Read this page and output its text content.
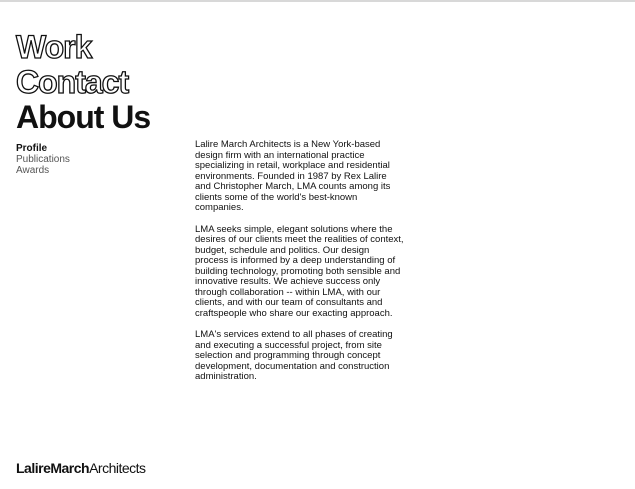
Work
Contact
About Us
Profile
Publications
Awards

Lalire March Architects is a New York-based design firm with an international practice specializing in retail, workplace and residential environments. Founded in 1987 by Rex Lalire and Christopher March, LMA counts among its clients some of the world's best-known companies.

LMA seeks simple, elegant solutions where the desires of our clients meet the realities of context, budget, schedule and politics. Our design process is informed by a deep understanding of building technology, promoting both sensible and innovative results. We achieve success only through collaboration -- within LMA, with our clients, and with our team of consultants and craftspeople who share our exacting approach.

LMA's services extend to all phases of creating and executing a successful project, from site selection and programming through concept development, documentation and construction administration.

LalireMarchArchitects
